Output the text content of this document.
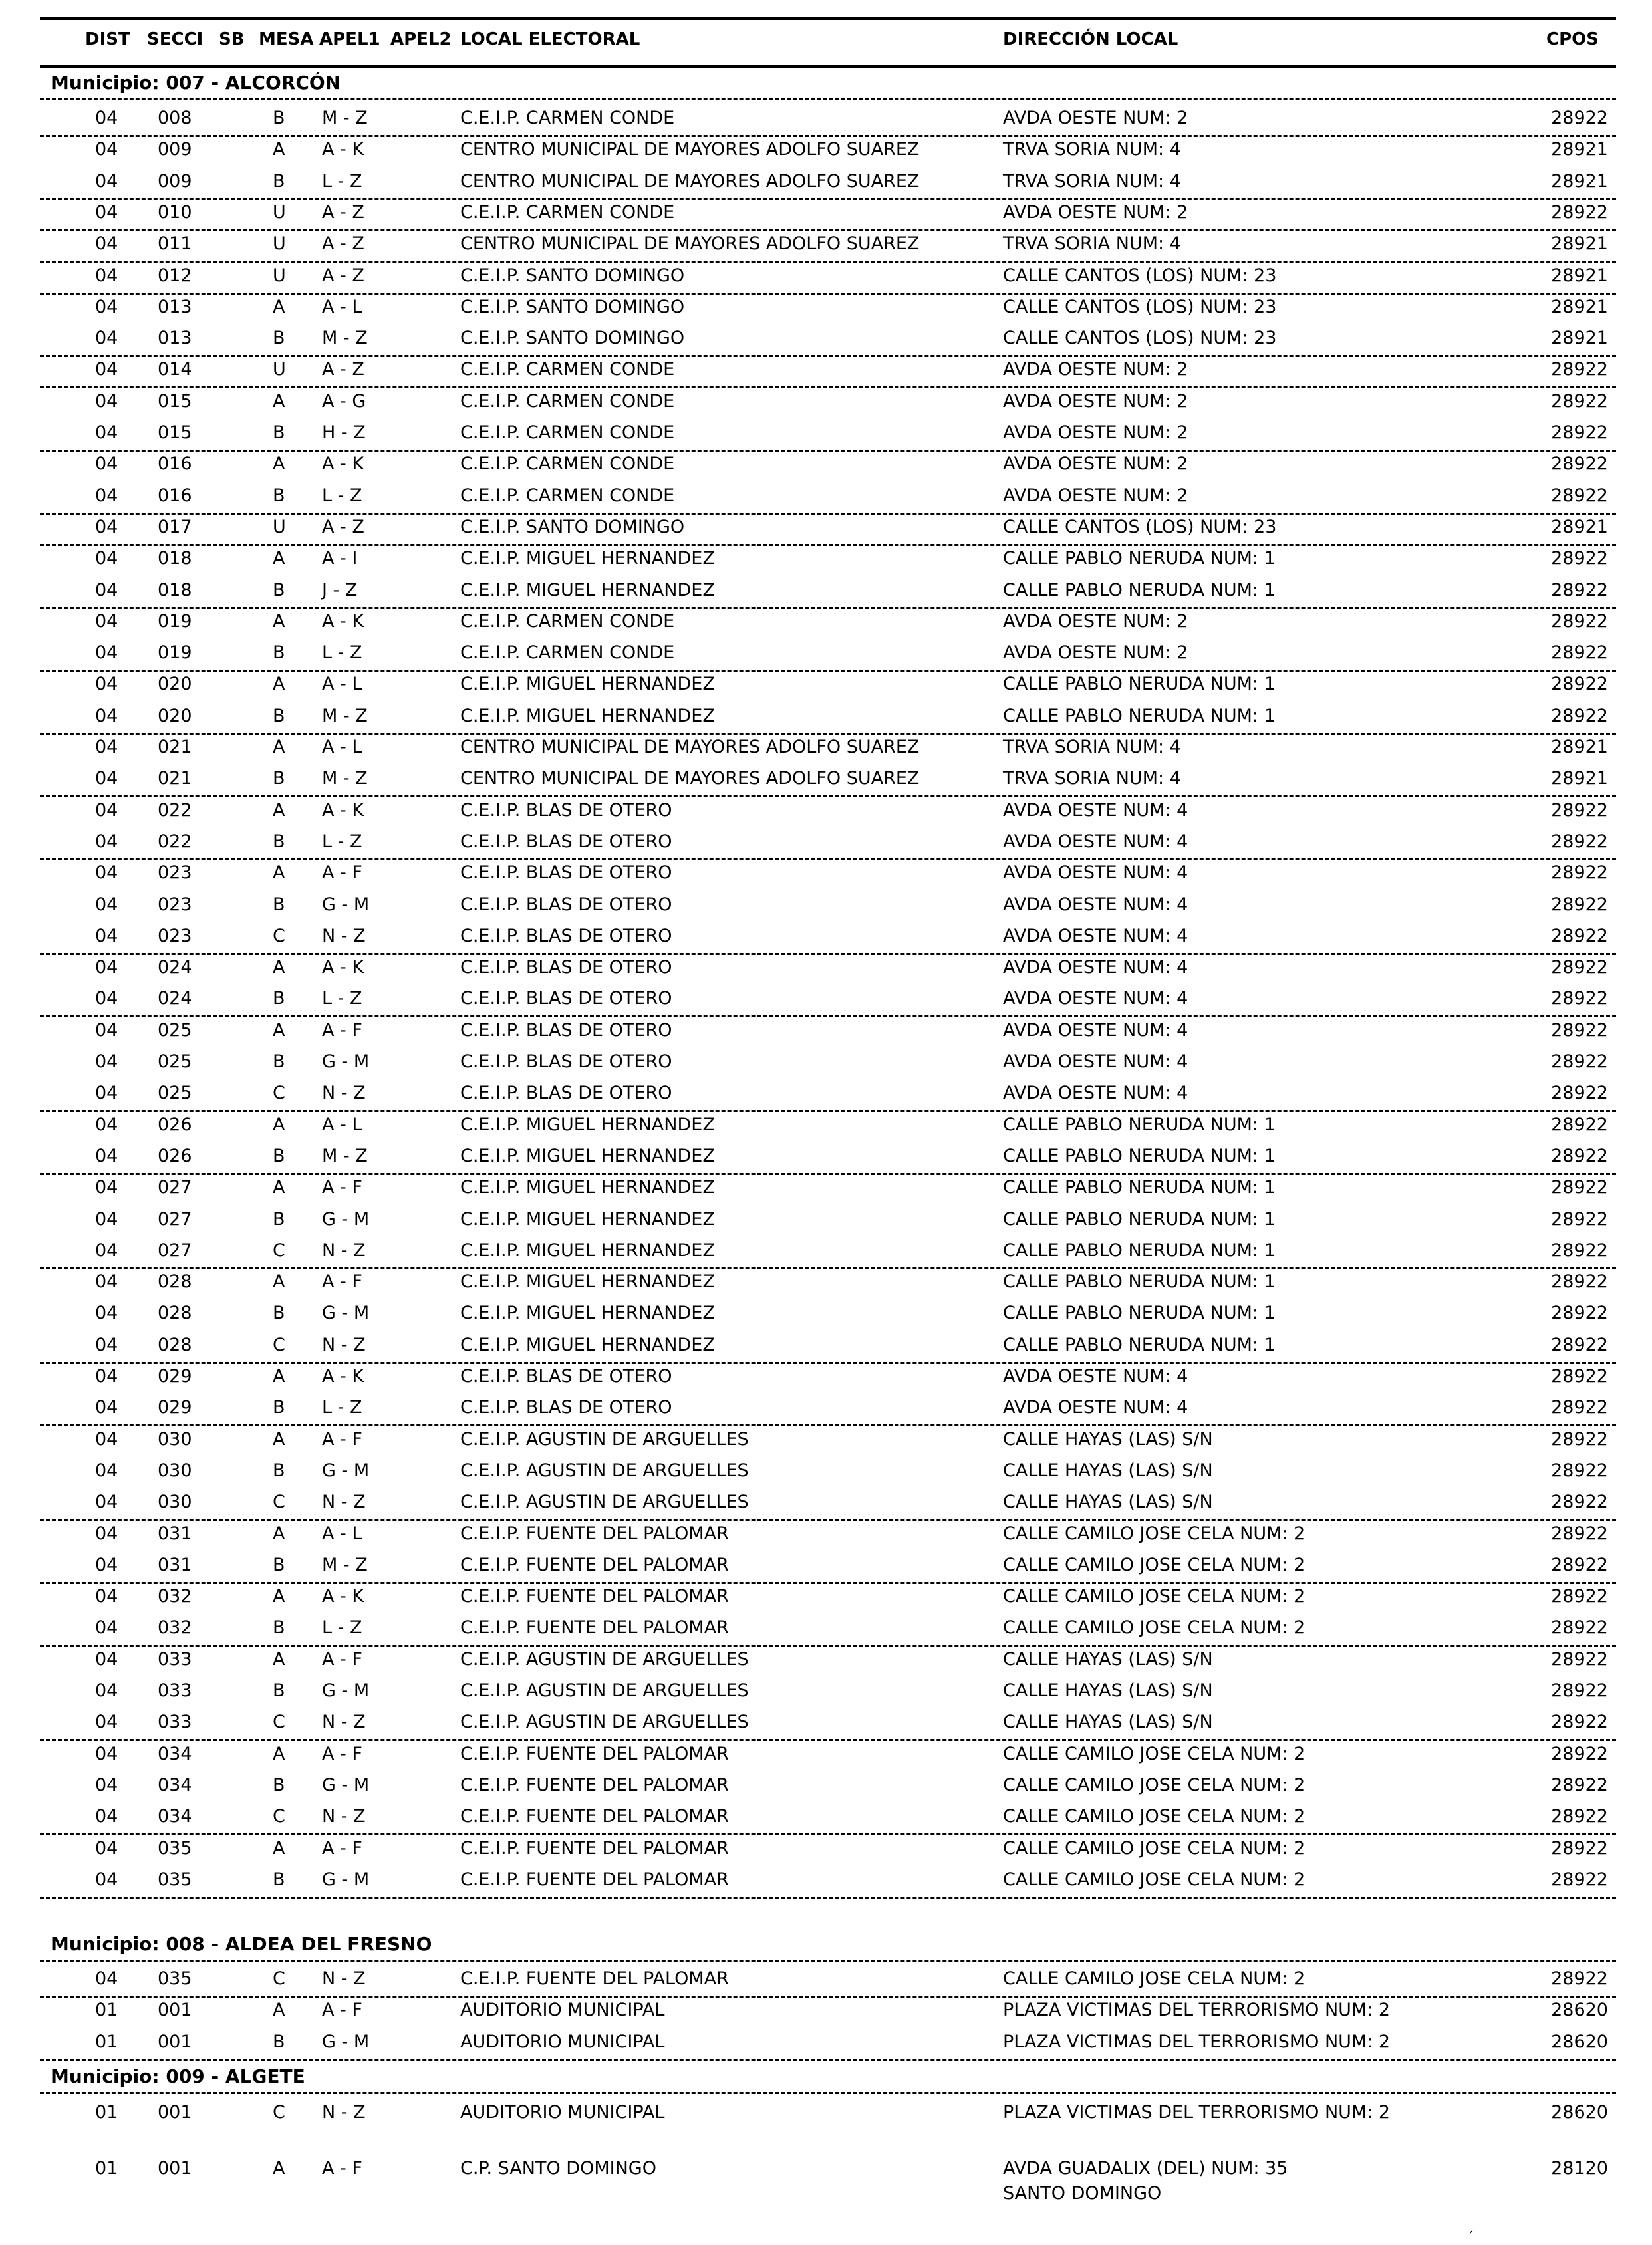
DIST SECCI SB MESA APEL1 APEL2 LOCAL ELECTORAL	DIRECCIÓN LOCAL	CPOS
Municipio: 007 - ALCORCÓN
04 008	B M - Z	C.E.I.P. CARMEN CONDE	AVDA OESTE NUM: 2	28922
04 009	A A - K	CENTRO MUNICIPAL DE MAYORES ADOLFO SUAREZ	TRVA SORIA NUM: 4	28921
04 009	B L - Z	CENTRO MUNICIPAL DE MAYORES ADOLFO SUAREZ	TRVA SORIA NUM: 4	28921
04 010	U A - Z	C.E.I.P. CARMEN CONDE	AVDA OESTE NUM: 2	28922
04 011	U A - Z	CENTRO MUNICIPAL DE MAYORES ADOLFO SUAREZ	TRVA SORIA NUM: 4	28921
04 012	U A - Z	C.E.I.P. SANTO DOMINGO	CALLE CANTOS (LOS) NUM: 23	28921
04 013	A A - L	C.E.I.P. SANTO DOMINGO	CALLE CANTOS (LOS) NUM: 23	28921
04 013	B M - Z	C.E.I.P. SANTO DOMINGO	CALLE CANTOS (LOS) NUM: 23	28921
04 014	U A - Z	C.E.I.P. CARMEN CONDE	AVDA OESTE NUM: 2	28922
04 015	A A - G	C.E.I.P. CARMEN CONDE	AVDA OESTE NUM: 2	28922
04 015	B H - Z	C.E.I.P. CARMEN CONDE	AVDA OESTE NUM: 2	28922
04 016	A A - K	C.E.I.P. CARMEN CONDE	AVDA OESTE NUM: 2	28922
04 016	B L - Z	C.E.I.P. CARMEN CONDE	AVDA OESTE NUM: 2	28922
04 017	U A - Z	C.E.I.P. SANTO DOMINGO	CALLE CANTOS (LOS) NUM: 23	28921
04 018	A A - I	C.E.I.P. MIGUEL HERNANDEZ	CALLE PABLO NERUDA NUM: 1	28922
04 018	B J - Z	C.E.I.P. MIGUEL HERNANDEZ	CALLE PABLO NERUDA NUM: 1	28922
04 019	A A - K	C.E.I.P. CARMEN CONDE	AVDA OESTE NUM: 2	28922
04 019	B L - Z	C.E.I.P. CARMEN CONDE	AVDA OESTE NUM: 2	28922
04 020	A A - L	C.E.I.P. MIGUEL HERNANDEZ	CALLE PABLO NERUDA NUM: 1	28922
04 020	B M - Z	C.E.I.P. MIGUEL HERNANDEZ	CALLE PABLO NERUDA NUM: 1	28922
04 021	A A - L	CENTRO MUNICIPAL DE MAYORES ADOLFO SUAREZ	TRVA SORIA NUM: 4	28921
04 021	B M - Z	CENTRO MUNICIPAL DE MAYORES ADOLFO SUAREZ	TRVA SORIA NUM: 4	28921
04 022	A A - K	C.E.I.P. BLAS DE OTERO	AVDA OESTE NUM: 4	28922
04 022	B L - Z	C.E.I.P. BLAS DE OTERO	AVDA OESTE NUM: 4	28922
04 023	A A - F	C.E.I.P. BLAS DE OTERO	AVDA OESTE NUM: 4	28922
04 023	B G - M	C.E.I.P. BLAS DE OTERO	AVDA OESTE NUM: 4	28922
04 023	C N - Z	C.E.I.P. BLAS DE OTERO	AVDA OESTE NUM: 4	28922
04 024	A A - K	C.E.I.P. BLAS DE OTERO	AVDA OESTE NUM: 4	28922
04 024	B L - Z	C.E.I.P. BLAS DE OTERO	AVDA OESTE NUM: 4	28922
04 025	A A - F	C.E.I.P. BLAS DE OTERO	AVDA OESTE NUM: 4	28922
04 025	B G - M	C.E.I.P. BLAS DE OTERO	AVDA OESTE NUM: 4	28922
04 025	C N - Z	C.E.I.P. BLAS DE OTERO	AVDA OESTE NUM: 4	28922
04 026	A A - L	C.E.I.P. MIGUEL HERNANDEZ	CALLE PABLO NERUDA NUM: 1	28922
04 026	B M - Z	C.E.I.P. MIGUEL HERNANDEZ	CALLE PABLO NERUDA NUM: 1	28922
04 027	A A - F	C.E.I.P. MIGUEL HERNANDEZ	CALLE PABLO NERUDA NUM: 1	28922
04 027	B G - M	C.E.I.P. MIGUEL HERNANDEZ	CALLE PABLO NERUDA NUM: 1	28922
04 027	C N - Z	C.E.I.P. MIGUEL HERNANDEZ	CALLE PABLO NERUDA NUM: 1	28922
04 028	A A - F	C.E.I.P. MIGUEL HERNANDEZ	CALLE PABLO NERUDA NUM: 1	28922
04 028	B G - M	C.E.I.P. MIGUEL HERNANDEZ	CALLE PABLO NERUDA NUM: 1	28922
04 028	C N - Z	C.E.I.P. MIGUEL HERNANDEZ	CALLE PABLO NERUDA NUM: 1	28922
04 029	A A - K	C.E.I.P. BLAS DE OTERO	AVDA OESTE NUM: 4	28922
04 029	B L - Z	C.E.I.P. BLAS DE OTERO	AVDA OESTE NUM: 4	28922
04 030	A A - F	C.E.I.P. AGUSTIN DE ARGUELLES	CALLE HAYAS (LAS) S/N	28922
04 030	B G - M	C.E.I.P. AGUSTIN DE ARGUELLES	CALLE HAYAS (LAS) S/N	28922
04 030	C N - Z	C.E.I.P. AGUSTIN DE ARGUELLES	CALLE HAYAS (LAS) S/N	28922
04 031	A A - L	C.E.I.P. FUENTE DEL PALOMAR	CALLE CAMILO JOSE CELA NUM: 2	28922
04 031	B M - Z	C.E.I.P. FUENTE DEL PALOMAR	CALLE CAMILO JOSE CELA NUM: 2	28922
04 032	A A - K	C.E.I.P. FUENTE DEL PALOMAR	CALLE CAMILO JOSE CELA NUM: 2	28922
04 032	B L - Z	C.E.I.P. FUENTE DEL PALOMAR	CALLE CAMILO JOSE CELA NUM: 2	28922
04 033	A A - F	C.E.I.P. AGUSTIN DE ARGUELLES	CALLE HAYAS (LAS) S/N	28922
04 033	B G - M	C.E.I.P. AGUSTIN DE ARGUELLES	CALLE HAYAS (LAS) S/N	28922
04 033	C N - Z	C.E.I.P. AGUSTIN DE ARGUELLES	CALLE HAYAS (LAS) S/N	28922
04 034	A A - F	C.E.I.P. FUENTE DEL PALOMAR	CALLE CAMILO JOSE CELA NUM: 2	28922
04 034	B G - M	C.E.I.P. FUENTE DEL PALOMAR	CALLE CAMILO JOSE CELA NUM: 2	28922
04 034	C N - Z	C.E.I.P. FUENTE DEL PALOMAR	CALLE CAMILO JOSE CELA NUM: 2	28922
04 035	A A - F	C.E.I.P. FUENTE DEL PALOMAR	CALLE CAMILO JOSE CELA NUM: 2	28922
04 035	B G - M	C.E.I.P. FUENTE DEL PALOMAR	CALLE CAMILO JOSE CELA NUM: 2	28922
Municipio: 008 - ALDEA DEL FRESNO
04 035	C N - Z	C.E.I.P. FUENTE DEL PALOMAR	CALLE CAMILO JOSE CELA NUM: 2	28922
01 001	A A - F	AUDITORIO MUNICIPAL	PLAZA VICTIMAS DEL TERRORISMO NUM: 2	28620
01 001	B G - M	AUDITORIO MUNICIPAL	PLAZA VICTIMAS DEL TERRORISMO NUM: 2	28620
Municipio: 009 - ALGETE
01 001	C N - Z	AUDITORIO MUNICIPAL	PLAZA VICTIMAS DEL TERRORISMO NUM: 2	28620
01 001	A A - F	C.P. SANTO DOMINGO	AVDA GUADALIX (DEL) NUM: 35	28120
SANTO DOMINGO
´
